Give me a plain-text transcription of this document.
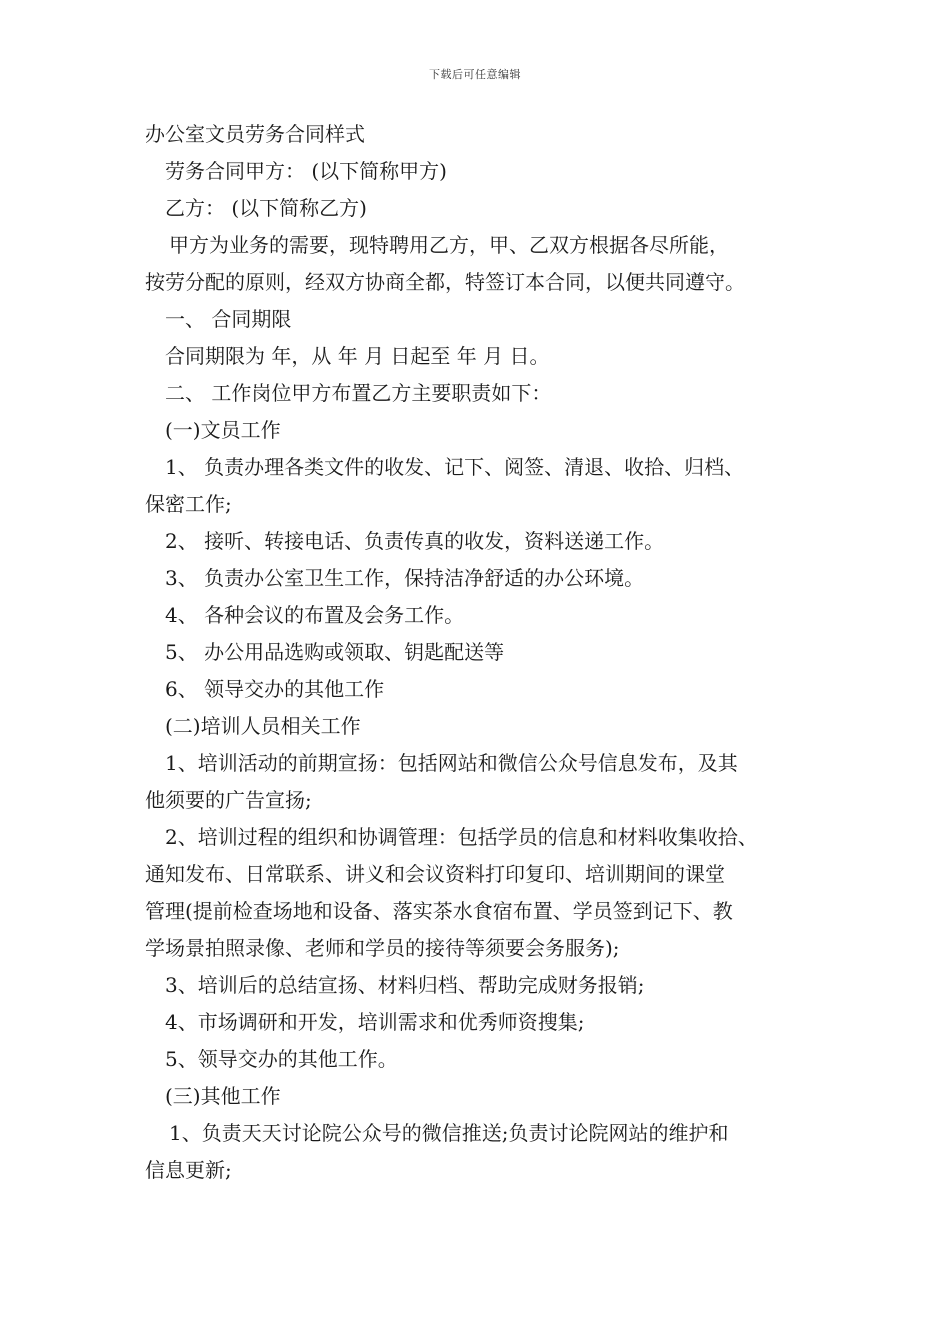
下载后可任意编辑
办公室文员劳务合同样式
劳务合同甲方： (以下简称甲方)
乙方： (以下简称乙方)
甲方为业务的需要，现特聘用乙方，甲、乙双方根据各尽所能，
按劳分配的原则，经双方协商全都，特签订本合同，以便共同遵守。
一、 合同期限
合同期限为 年，从 年 月 日起至 年 月 日。
二、 工作岗位甲方布置乙方主要职责如下：
(一)文员工作
1、 负责办理各类文件的收发、记下、阅签、清退、收拾、归档、
保密工作;
2、 接听、转接电话、负责传真的收发，资料送递工作。
3、 负责办公室卫生工作，保持洁净舒适的办公环境。
4、 各种会议的布置及会务工作。
5、 办公用品选购或领取、钥匙配送等
6、 领导交办的其他工作
(二)培训人员相关工作
1、培训活动的前期宣扬：包括网站和微信公众号信息发布，及其
他须要的广告宣扬;
2、培训过程的组织和协调管理：包括学员的信息和材料收集收拾、
通知发布、日常联系、讲义和会议资料打印复印、培训期间的课堂
管理(提前检查场地和设备、落实茶水食宿布置、学员签到记下、教
学场景拍照录像、老师和学员的接待等须要会务服务);
3、培训后的总结宣扬、材料归档、帮助完成财务报销;
4、市场调研和开发，培训需求和优秀师资搜集;
5、领导交办的其他工作。
(三)其他工作
1、负责天天讨论院公众号的微信推送;负责讨论院网站的维护和
信息更新;
